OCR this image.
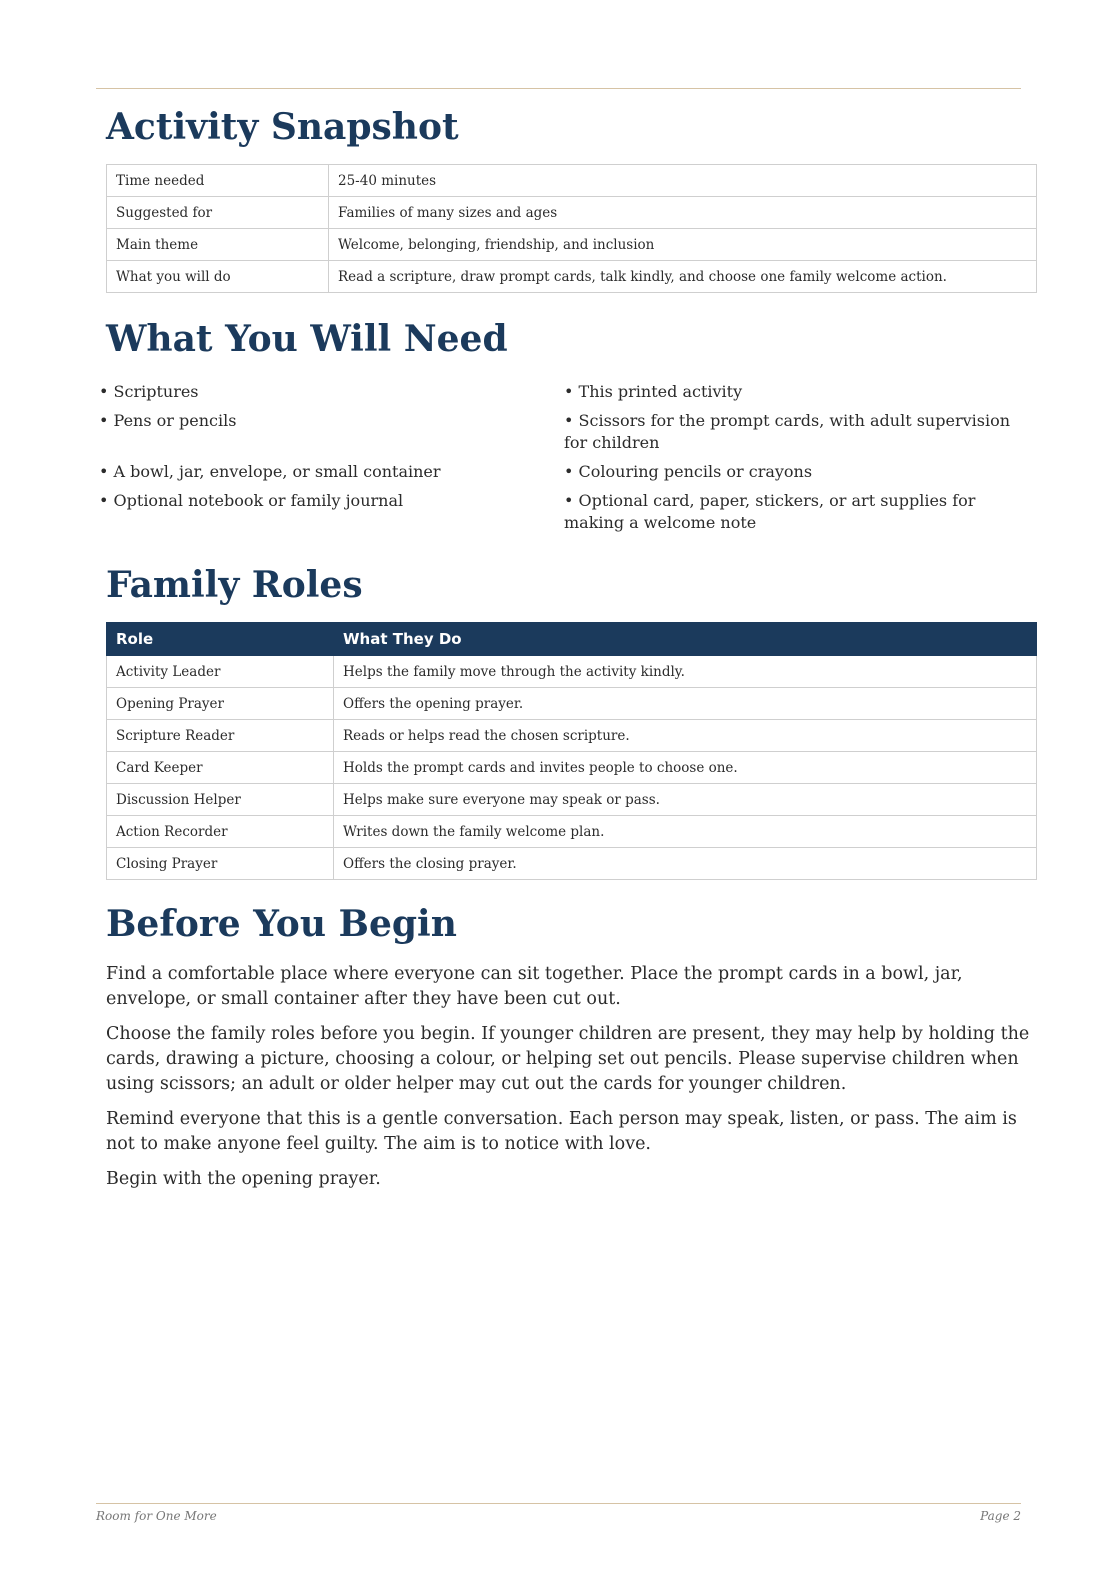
Activity Snapshot
Time needed	25-40 minutes
Suggested for	Families of many sizes and ages
Main theme	Welcome, belonging, friendship, and inclusion
What you will do	Read a scripture, draw prompt cards, talk kindly, and choose one family welcome action.
What You Will Need
• Scriptures	• This printed activity
• Pens or pencils	• Scissors for the prompt cards, with adult supervision for children
• A bowl, jar, envelope, or small container	• Colouring pencils or crayons
• Optional notebook or family journal	• Optional card, paper, stickers, or art supplies for making a welcome note
Family Roles
Role	What They Do
Activity Leader	Helps the family move through the activity kindly.
Opening Prayer	Offers the opening prayer.
Scripture Reader	Reads or helps read the chosen scripture.
Card Keeper	Holds the prompt cards and invites people to choose one.
Discussion Helper	Helps make sure everyone may speak or pass.
Action Recorder	Writes down the family welcome plan.
Closing Prayer	Offers the closing prayer.
Before You Begin

Find a comfortable place where everyone can sit together. Place the prompt cards in a bowl, jar, envelope, or small container after they have been cut out.

Choose the family roles before you begin. If younger children are present, they may help by holding the cards, drawing a picture, choosing a colour, or helping set out pencils. Please supervise children when using scissors; an adult or older helper may cut out the cards for younger children.

Remind everyone that this is a gentle conversation. Each person may speak, listen, or pass. The aim is not to make anyone feel guilty. The aim is to notice with love.

Begin with the opening prayer.

Room for One More	Page 2
